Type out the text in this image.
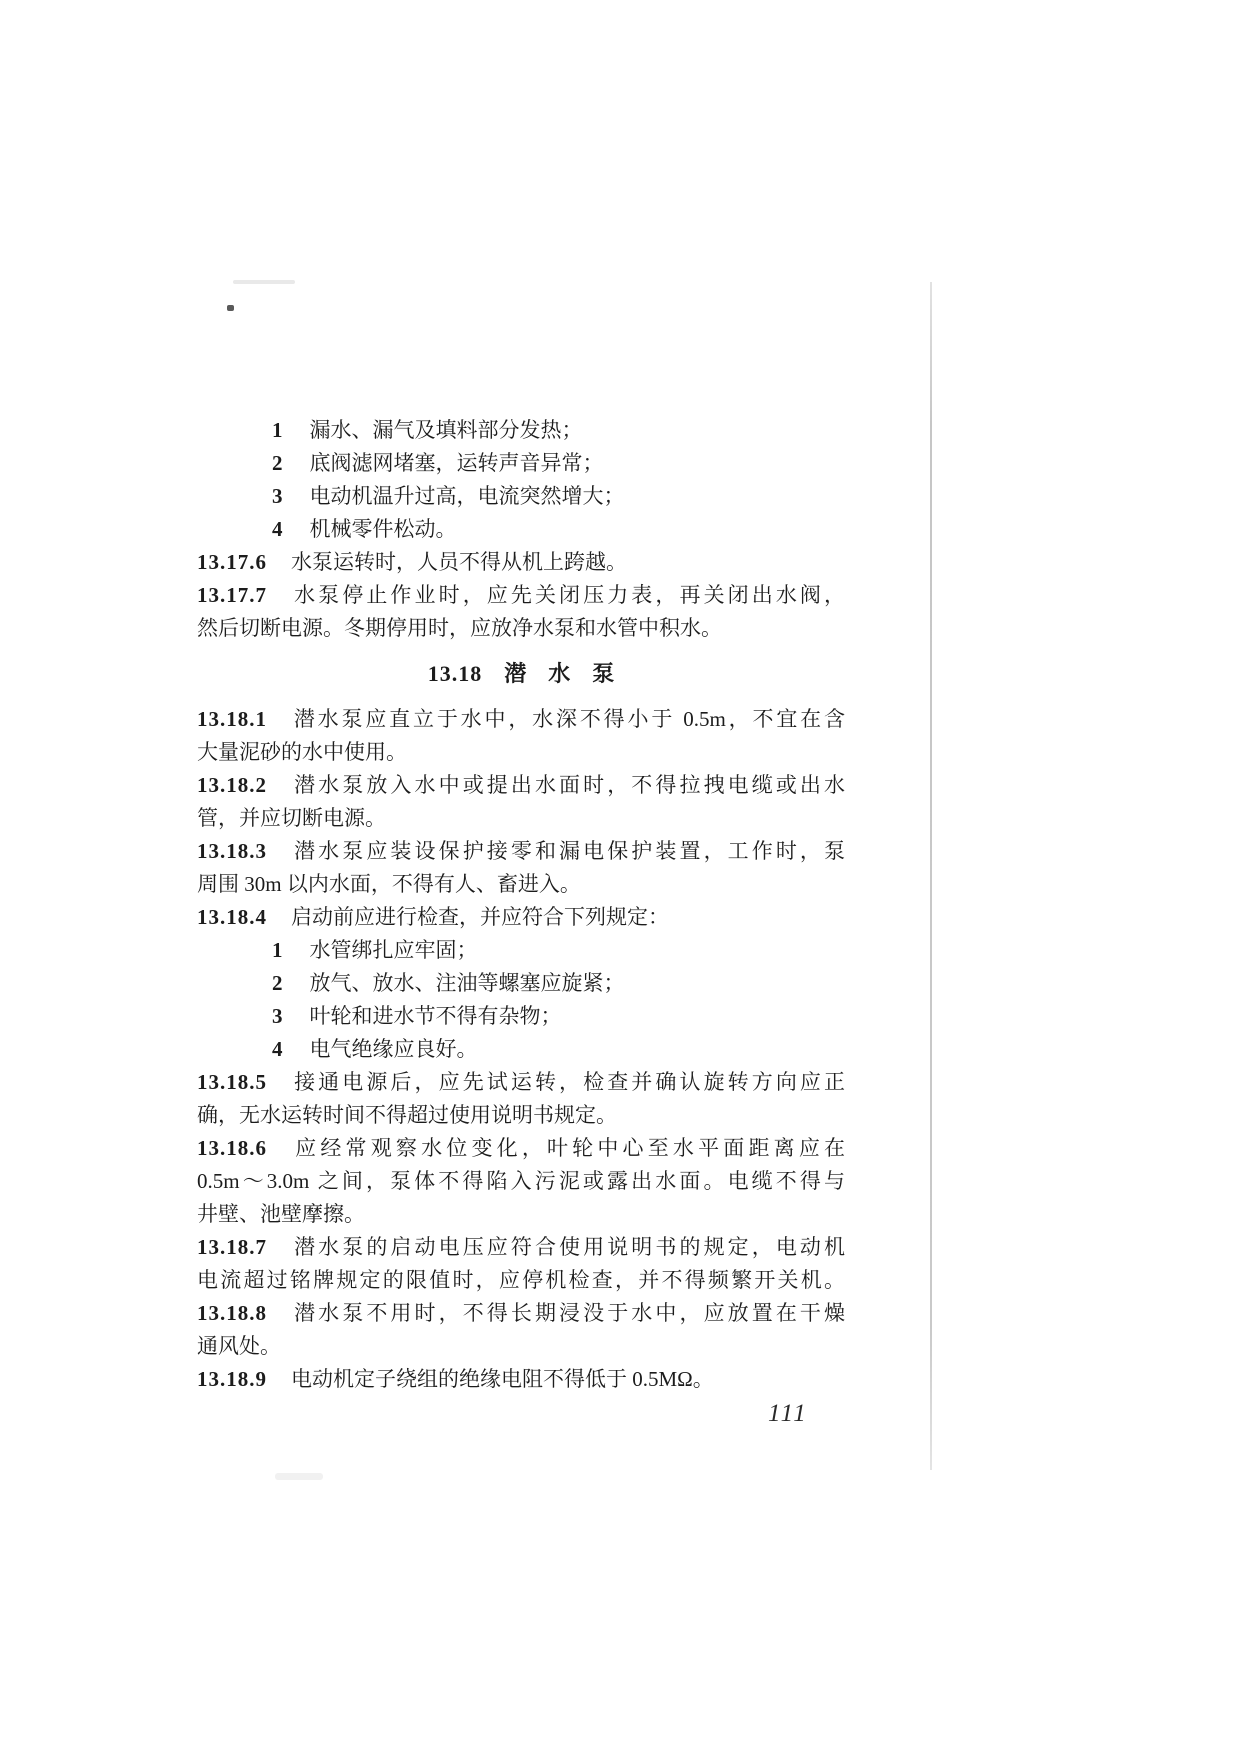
1 漏水、漏气及填料部分发热；
2 底阀滤网堵塞，运转声音异常；
3 电动机温升过高，电流突然增大；
4 机械零件松动。
13.17.6 水泵运转时，人员不得从机上跨越。
13.17.7 水泵停止作业时，应先关闭压力表，再关闭出水阀，
然后切断电源。冬期停用时，应放净水泵和水管中积水。
13.18 潜　水　泵
13.18.1 潜水泵应直立于水中，水深不得小于 0.5m，不宜在含
大量泥砂的水中使用。
13.18.2 潜水泵放入水中或提出水面时，不得拉拽电缆或出水
管，并应切断电源。
13.18.3 潜水泵应装设保护接零和漏电保护装置，工作时，泵
周围 30m 以内水面，不得有人、畜进入。
13.18.4 启动前应进行检查，并应符合下列规定：
1 水管绑扎应牢固；
2 放气、放水、注油等螺塞应旋紧；
3 叶轮和进水节不得有杂物；
4 电气绝缘应良好。
13.18.5 接通电源后，应先试运转，检查并确认旋转方向应正
确，无水运转时间不得超过使用说明书规定。
13.18.6 应经常观察水位变化，叶轮中心至水平面距离应在
0.5m～3.0m 之间，泵体不得陷入污泥或露出水面。电缆不得与
井壁、池壁摩擦。
13.18.7 潜水泵的启动电压应符合使用说明书的规定，电动机
电流超过铭牌规定的限值时，应停机检查，并不得频繁开关机。
13.18.8 潜水泵不用时，不得长期浸没于水中，应放置在干燥
通风处。
13.18.9 电动机定子绕组的绝缘电阻不得低于 0.5MΩ。
111
